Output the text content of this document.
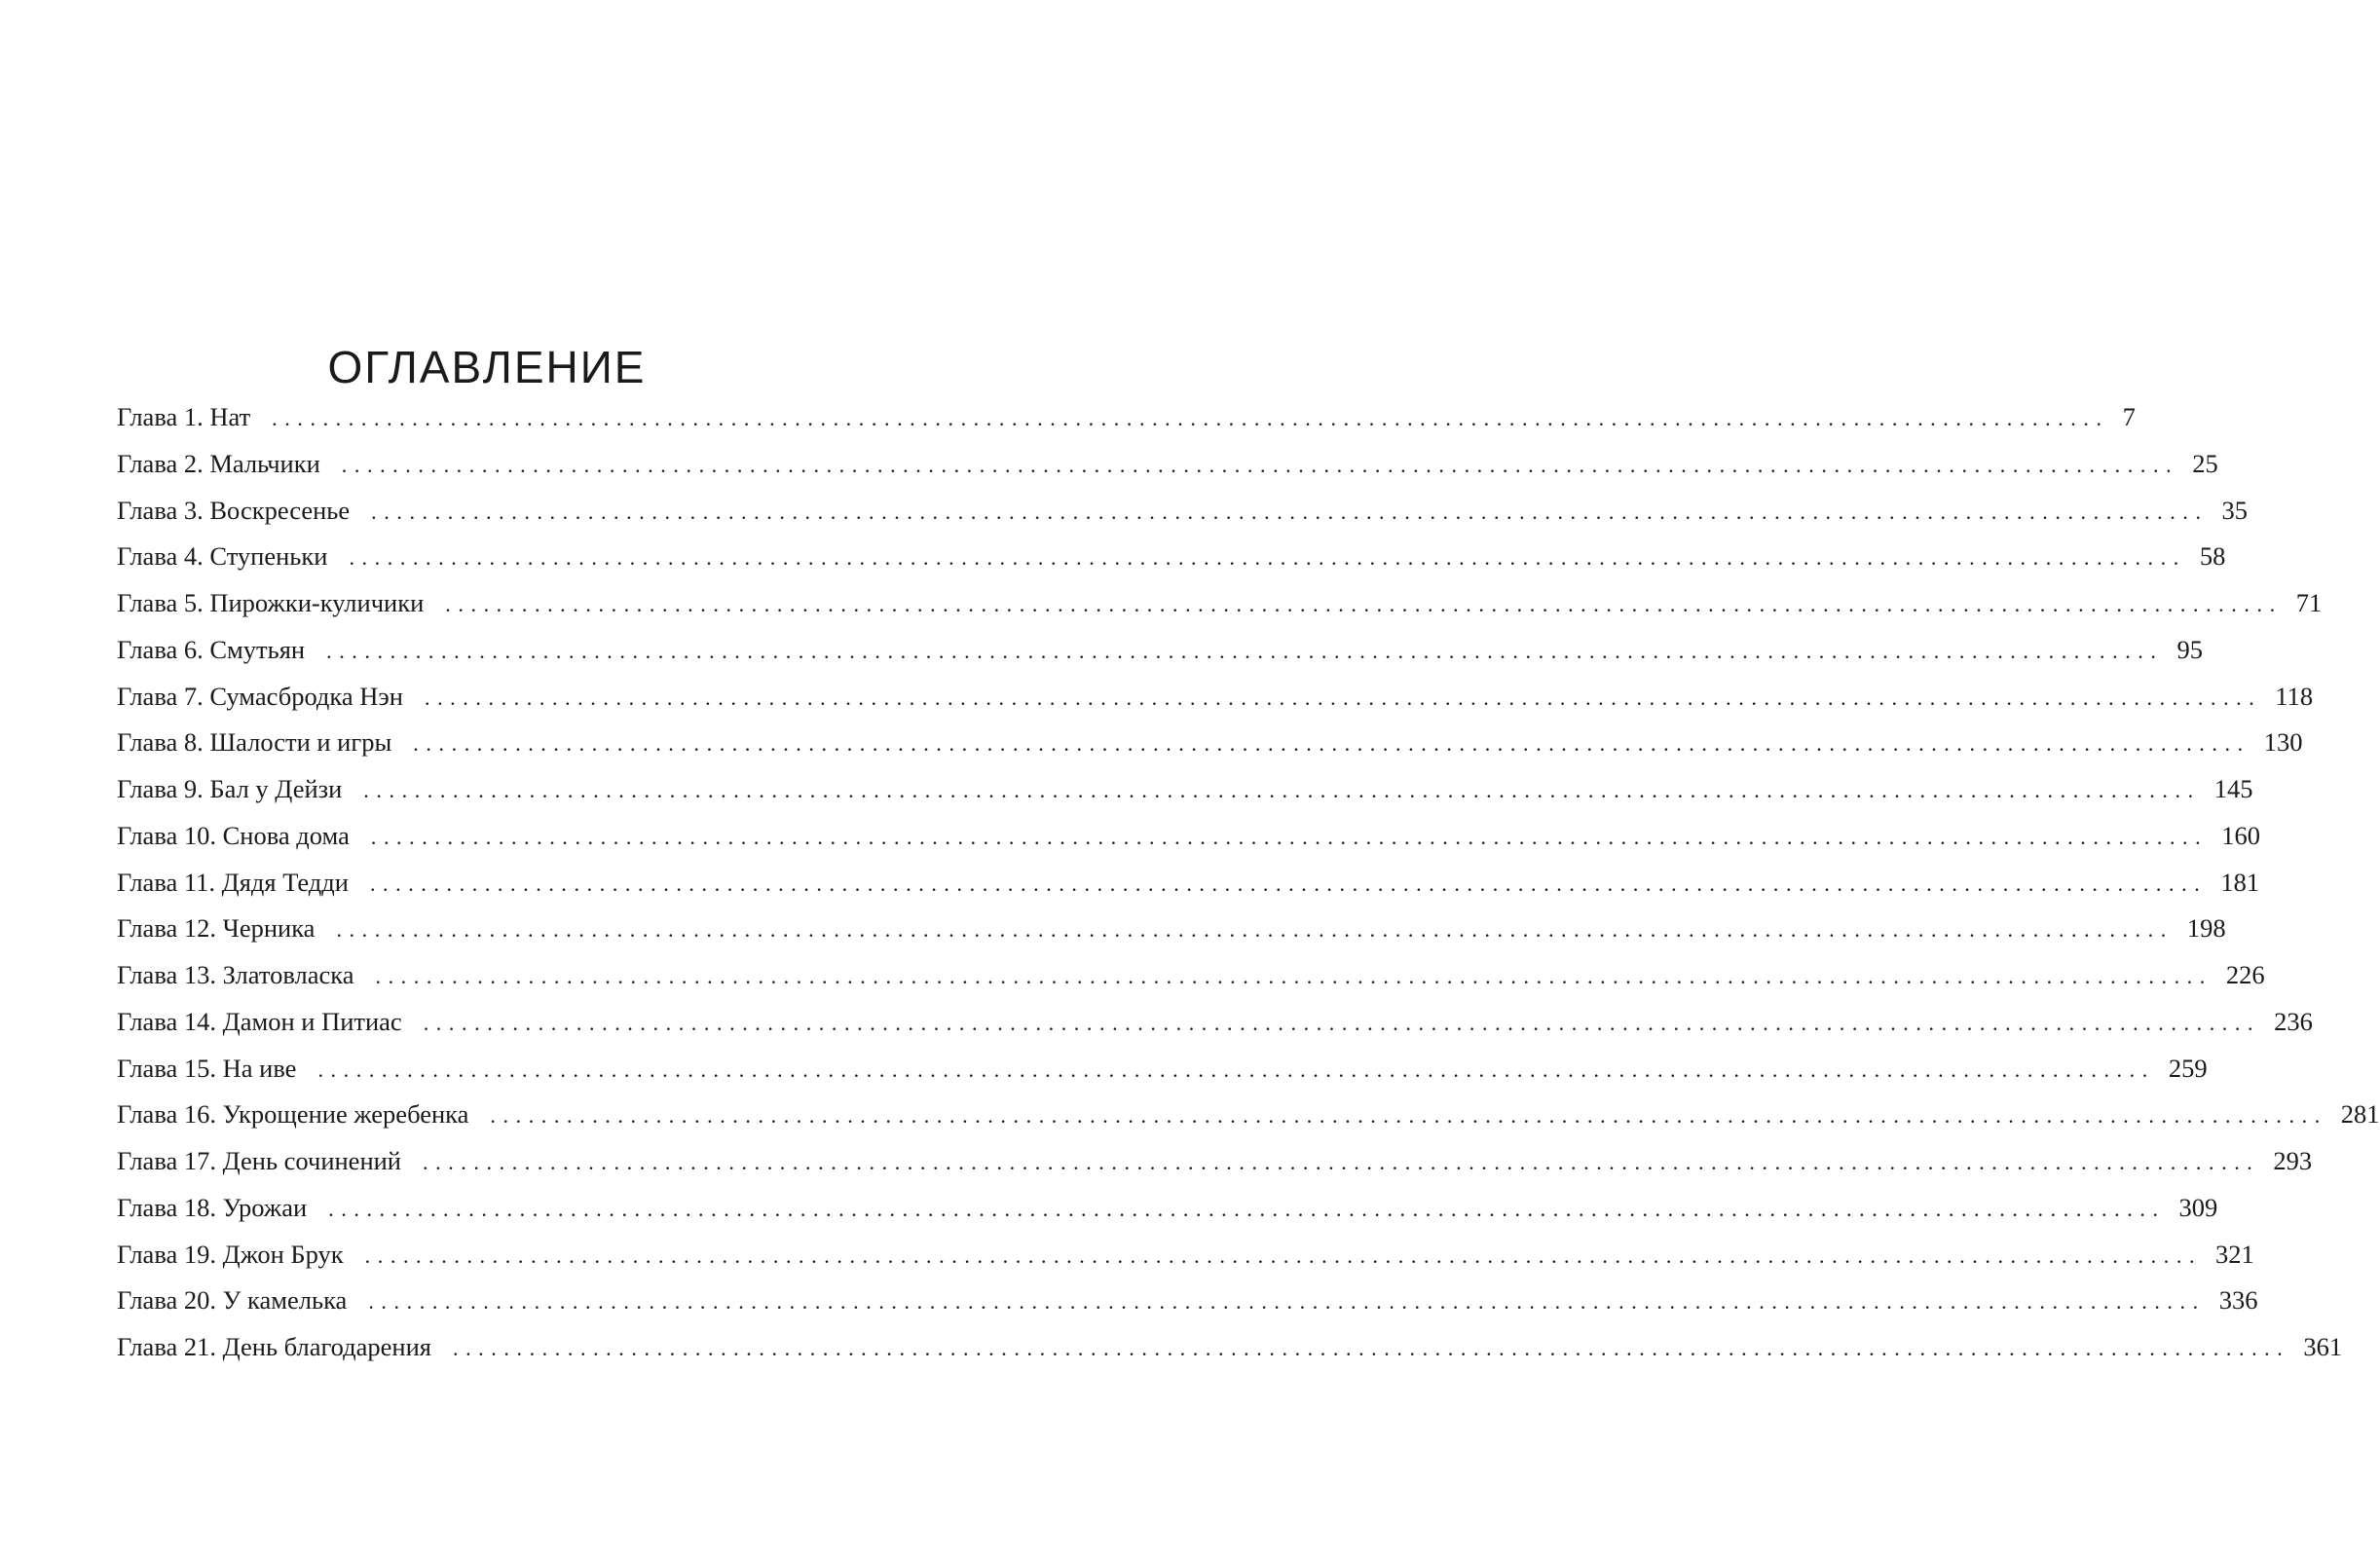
ОГЛАВЛЕНИЕ
Глава 1. Нат ................................................................................................................................................ 7
Глава 2. Мальчики ................................................................................................................................................ 25
Глава 3. Воскресенье ................................................................................................................................................ 35
Глава 4. Ступеньки ................................................................................................................................................ 58
Глава 5. Пирожки-куличики ................................................................................................................................................ 71
Глава 6. Смутьян ................................................................................................................................................ 95
Глава 7. Сумасбродка Нэн ................................................................................................................................................ 118
Глава 8. Шалости и игры ................................................................................................................................................ 130
Глава 9. Бал у Дейзи ................................................................................................................................................ 145
Глава 10. Снова дома ................................................................................................................................................ 160
Глава 11. Дядя Тедди ................................................................................................................................................ 181
Глава 12. Черника ................................................................................................................................................ 198
Глава 13. Златовласка ................................................................................................................................................ 226
Глава 14. Дамон и Питиас ................................................................................................................................................ 236
Глава 15. На иве ................................................................................................................................................ 259
Глава 16. Укрощение жеребенка ................................................................................................................................................ 281
Глава 17. День сочинений ................................................................................................................................................ 293
Глава 18. Урожаи ................................................................................................................................................ 309
Глава 19. Джон Брук ................................................................................................................................................ 321
Глава 20. У камелька ................................................................................................................................................ 336
Глава 21. День благодарения ................................................................................................................................................ 361
